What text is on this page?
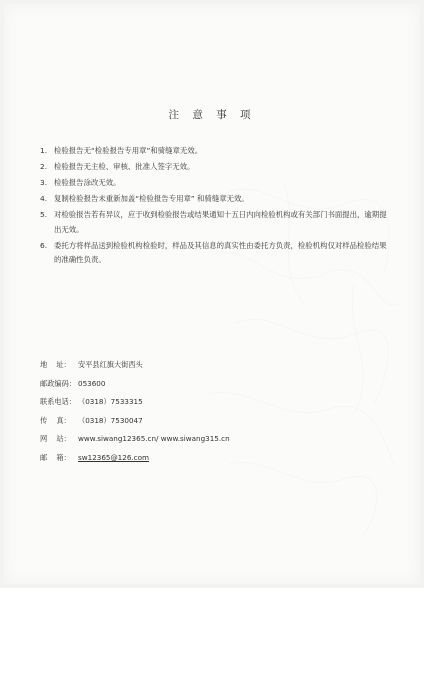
注 意 事 项
1. 检验报告无“检验报告专用章”和骑缝章无效。
2. 检验报告无主检、审核、批准人签字无效。
3. 检验报告涂改无效。
4. 复制检验报告未重新加盖“检验报告专用章” 和骑缝章无效。
5. 对检验报告若有异议，应于收到检验报告或结果通知十五日内向检验机构或有关部门书面提出，逾期提出无效。
6. 委托方将样品送到检验机构检验时，样品及其信息的真实性由委托方负责，检验机构仅对样品检验结果的准确性负责。
地    址：	安平县红旗大街西头
邮政编码： 053600
联系电话： （0318）7533315
传    真：	（0318）7530047
网    站：	www.siwang12365.cn/ www.siwang315.cn
邮    箱：	sw12365@126.com
